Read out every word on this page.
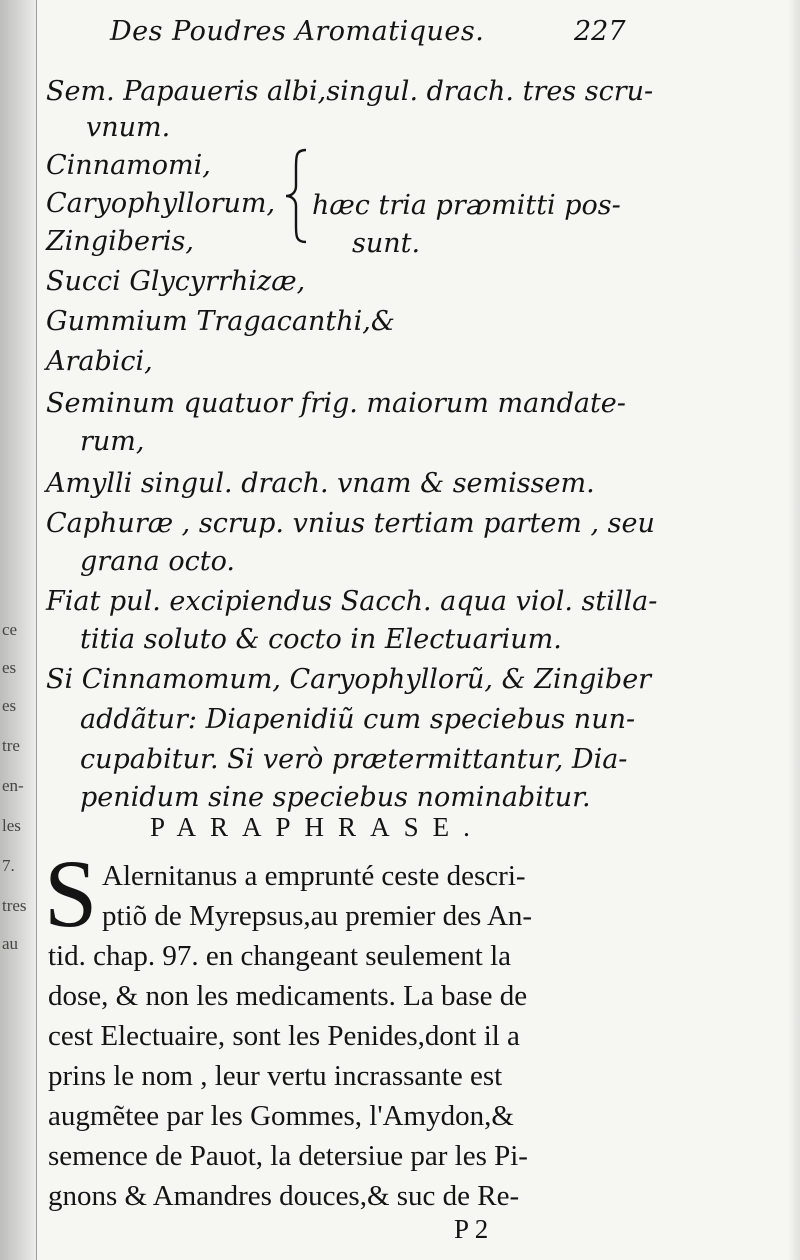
ce
es
es
tre
en-
les
7.
tres
au
Des Poudres Aromatiques.	227
Sem. Papaueris albi,singul. drach. tres scru-
vnum.
Cinnamomi,
Caryophyllorum,
Zingiberis,
hæc tria prᴂmitti pos-
sunt.
Succi Glycyrrhizæ,
Gummium Tragacanthi,&
Arabici,
Seminum quatuor frig. maiorum mandate-
rum,
Amylli singul. drach. vnam & semissem.
Caphuræ , scrup. vnius tertiam partem , seu
grana octo.
Fiat pul. excipiendus Sacch. aqua viol. stilla-
titia soluto & cocto in Electuarium.
Si Cinnamomum, Caryophyllorũ, & Zingiber
addãtur: Diapenidiũ cum speciebus nun-
cupabitur. Si verò prætermittantur, Dia-
penidum sine speciebus nominabitur.
PARAPHRASE.
S Alernitanus a emprunté ceste descri-
ptiõ de Myrepsus,au premier des An-
tid. chap. 97. en changeant seulement la
dose, & non les medicaments. La base de
cest Electuaire, sont les Penides,dont il a
prins le nom , leur vertu incrassante est
augmẽtee par les Gommes, l'Amydon,&
semence de Pauot, la detersiue par les Pi-
gnons & Amandres douces,& suc de Re-
P 2
